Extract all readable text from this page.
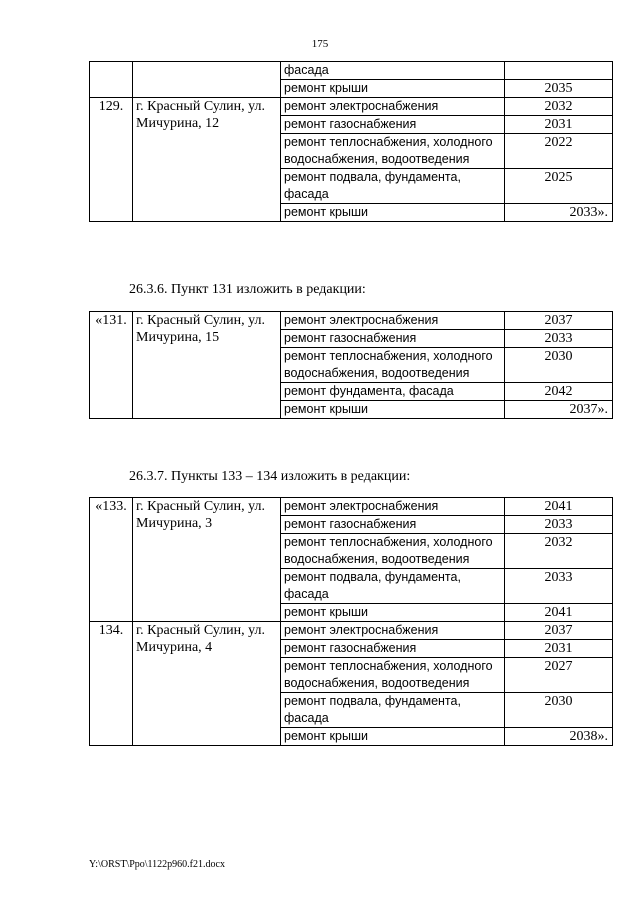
175
		фасада	
		ремонт крыши	2035
129.	г. Красный Сулин, ул. Мичурина, 12	ремонт электроснабжения	2032
		ремонт газоснабжения	2031
		ремонт теплоснабжения, холодного водоснабжения, водоотведения	2022
		ремонт подвала, фундамента, фасада	2025
		ремонт крыши	2033».
26.3.6. Пункт 131 изложить в редакции:
«131.	г. Красный Сулин, ул. Мичурина, 15	ремонт электроснабжения	2037
		ремонт газоснабжения	2033
		ремонт теплоснабжения, холодного водоснабжения, водоотведения	2030
		ремонт фундамента, фасада	2042
		ремонт крыши	2037».
26.3.7. Пункты 133 – 134 изложить в редакции:
«133.	г. Красный Сулин, ул. Мичурина, 3	ремонт электроснабжения	2041
		ремонт газоснабжения	2033
		ремонт теплоснабжения, холодного водоснабжения, водоотведения	2032
		ремонт подвала, фундамента, фасада	2033
		ремонт крыши	2041
134.	г. Красный Сулин, ул. Мичурина, 4	ремонт электроснабжения	2037
		ремонт газоснабжения	2031
		ремонт теплоснабжения, холодного водоснабжения, водоотведения	2027
		ремонт подвала, фундамента, фасада	2030
		ремонт крыши	2038».
Y:\ORST\Ppo\1122p960.f21.docx
